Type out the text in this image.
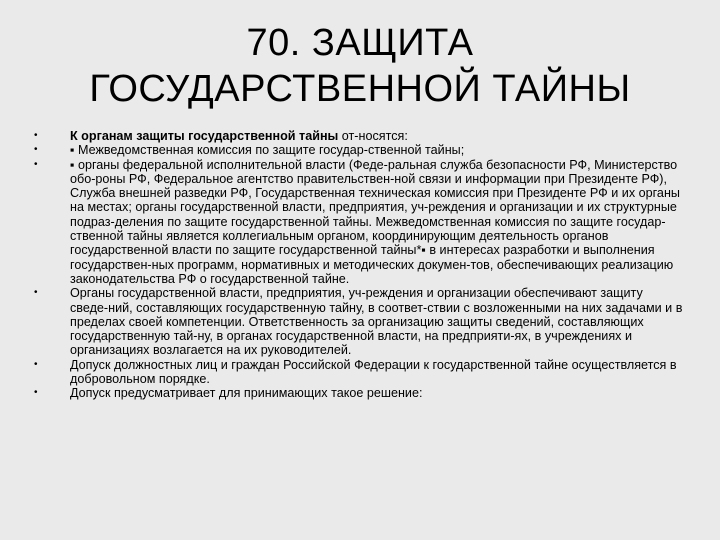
70. ЗАЩИТА
ГОСУДАРСТВЕННОЙ ТАЙНЫ
• К органам защиты государственной тайны от-носятся:
• ▪ Межведомственная комиссия по защите государ-ственной тайны;
• ▪ органы федеральной исполнительной власти (Феде-ральная служба безопасности РФ, Министерство обо-роны РФ, Федеральное агентство правительствен-ной связи и информации при Президенте РФ), Служба внешней разведки РФ, Государственная техническая комиссия при Президенте РФ и их органы на местах; органы государственной власти, предприятия, уч-реждения и организации и их структурные подраз-деления по защите государственной тайны. Межведомственная комиссия по защите государ-ственной тайны является коллегиальным органом, координирующим деятельность органов государственной власти по защите государственной тайны*▪ в интересах разработки и выполнения государствен-ных программ, нормативных и методических докумен-тов, обеспечивающих реализацию законодательства РФ о государственной тайне.
• Органы государственной власти, предприятия, уч-реждения и организации обеспечивают защиту сведе-ний, составляющих государственную тайну, в соответ-ствии с возложенными на них задачами и в пределах своей компетенции. Ответственность за организацию защиты сведений, составляющих государственную тай-ну, в органах государственной власти, на предприяти-ях, в учреждениях и организациях возлагается на их руководителей.
• Допуск должностных лиц и граждан Российской Федерации к государственной тайне осуществляется в добровольном порядке.
• Допуск предусматривает для принимающих такое решение:
